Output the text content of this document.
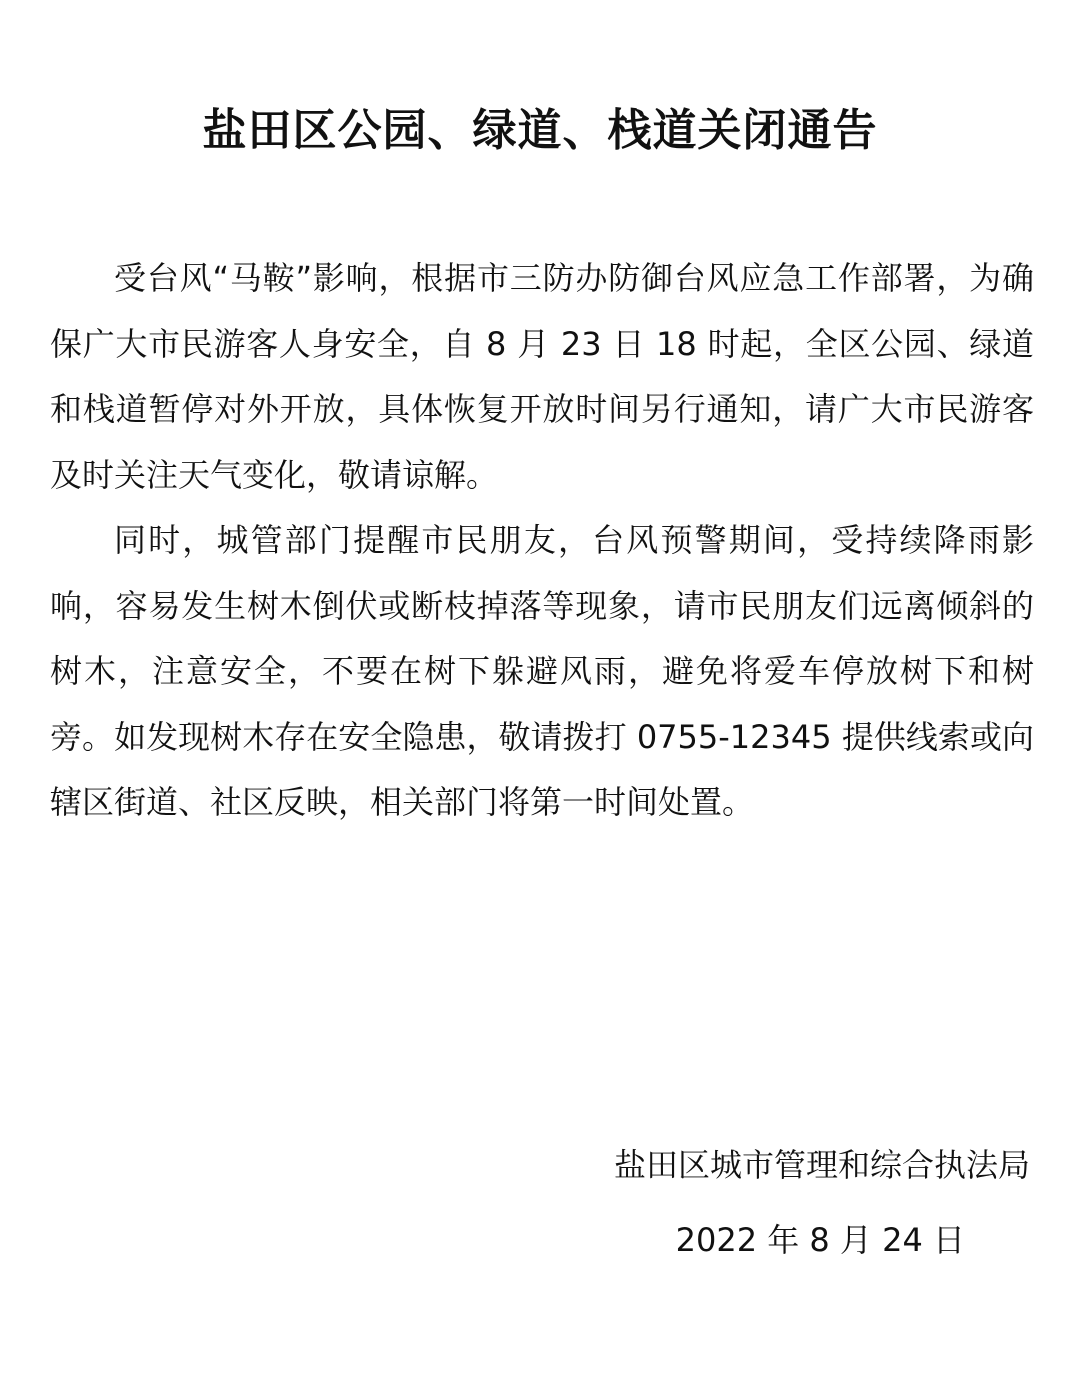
盐田区公园、绿道、栈道关闭通告

受台风“马鞍”影响，根据市三防办防御台风应急工作部署，为确保广大市民游客人身安全，自 8 月 23 日 18 时起，全区公园、绿道和栈道暂停对外开放，具体恢复开放时间另行通知，请广大市民游客及时关注天气变化，敬请谅解。

同时，城管部门提醒市民朋友，台风预警期间，受持续降雨影响，容易发生树木倒伏或断枝掉落等现象，请市民朋友们远离倾斜的树木，注意安全，不要在树下躲避风雨，避免将爱车停放树下和树旁。如发现树木存在安全隐患，敬请拨打 0755-12345 提供线索或向辖区街道、社区反映，相关部门将第一时间处置。

盐田区城市管理和综合执法局
2022 年 8 月 24 日
